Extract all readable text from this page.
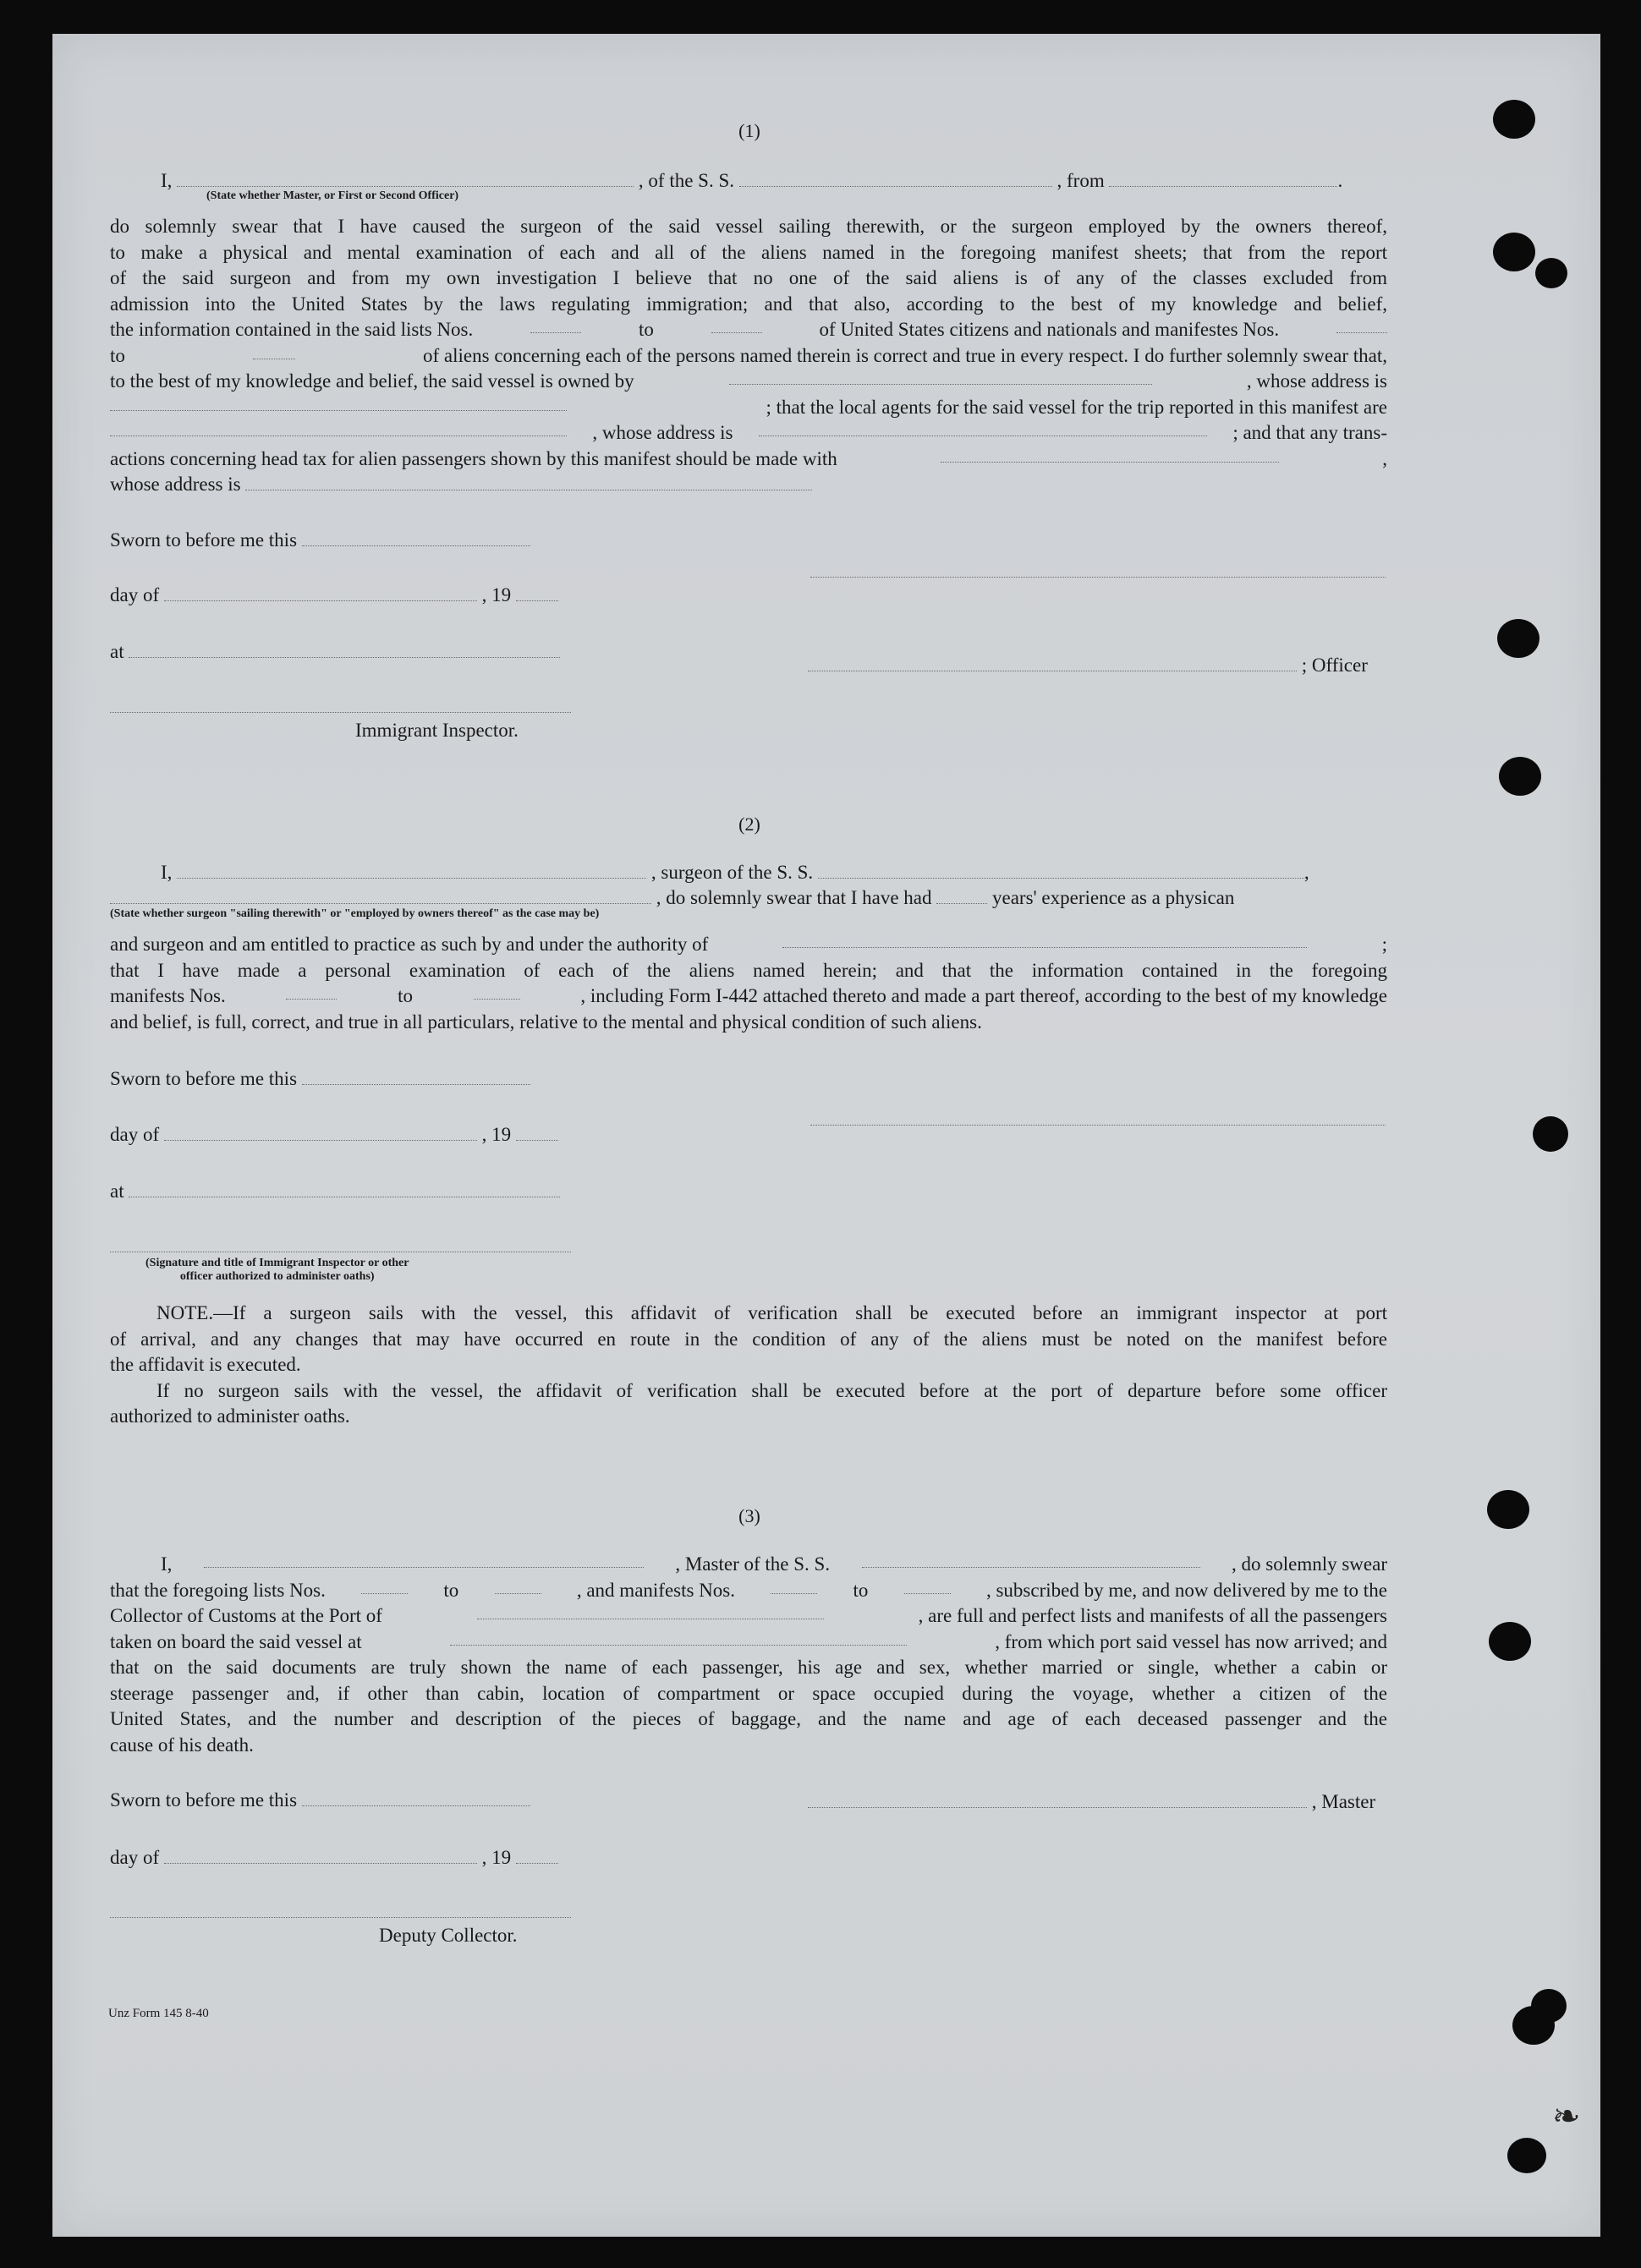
❧
(1)
I,	, of the S. S.	, from	.
(State whether Master, or First or Second Officer)
do solemnly swear that I have caused the surgeon of the said vessel sailing therewith, or the surgeon employed by the owners thereof,
to make a physical and mental examination of each and all of the aliens named in the foregoing manifest sheets; that from the report
of the said surgeon and from my own investigation I believe that no one of the said aliens is of any of the classes excluded from
admission into the United States by the laws regulating immigration; and that also, according to the best of my knowledge and belief,
the information contained in the said lists Nos.	to	of United States citizens and nationals and manifestes Nos.
to	of aliens concerning each of the persons named therein is correct and true in every respect. I do further solemnly swear that,
to the best of my knowledge and belief, the said vessel is owned by	, whose address is
; that the local agents for the said vessel for the trip reported in this manifest are
, whose address is	; and that any trans-
actions concerning head tax for alien passengers shown by this manifest should be made with	,
whose address is
Sworn to before me this
day of	, 19
at
; Officer
Immigrant Inspector.
(2)
I,	, surgeon of the S. S.	,
, do solemnly swear that I have had	years' experience as a physican
(State whether surgeon "sailing therewith" or "employed by owners thereof" as the case may be)
and surgeon and am entitled to practice as such by and under the authority of	;
that I have made a personal examination of each of the aliens named herein; and that the information contained in the foregoing
manifests Nos.	to	, including Form I-442 attached thereto and made a part thereof, according to the best of my knowledge
and belief, is full, correct, and true in all particulars, relative to the mental and physical condition of such aliens.
Sworn to before me this
day of	, 19
at
(Signature and title of Immigrant Inspector or other
officer authorized to administer oaths)
NOTE.—If a surgeon sails with the vessel, this affidavit of verification shall be executed before an immigrant inspector at port
of arrival, and any changes that may have occurred en route in the condition of any of the aliens must be noted on the manifest before
the affidavit is executed.
If no surgeon sails with the vessel, the affidavit of verification shall be executed before at the port of departure before some officer
authorized to administer oaths.
(3)
I,	, Master of the S. S.	, do solemnly swear
that the foregoing lists Nos.	to	, and manifests Nos.	to	, subscribed by me, and now delivered by me to the
Collector of Customs at the Port of	, are full and perfect lists and manifests of all the passengers
taken on board the said vessel at	, from which port said vessel has now arrived; and
that on the said documents are truly shown the name of each passenger, his age and sex, whether married or single, whether a cabin or
steerage passenger and, if other than cabin, location of compartment or space occupied during the voyage, whether a citizen of the
United States, and the number and description of the pieces of baggage, and the name and age of each deceased passenger and the
cause of his death.
Sworn to before me this	, Master
day of	, 19
Deputy Collector.
Unz Form 145 8-40
